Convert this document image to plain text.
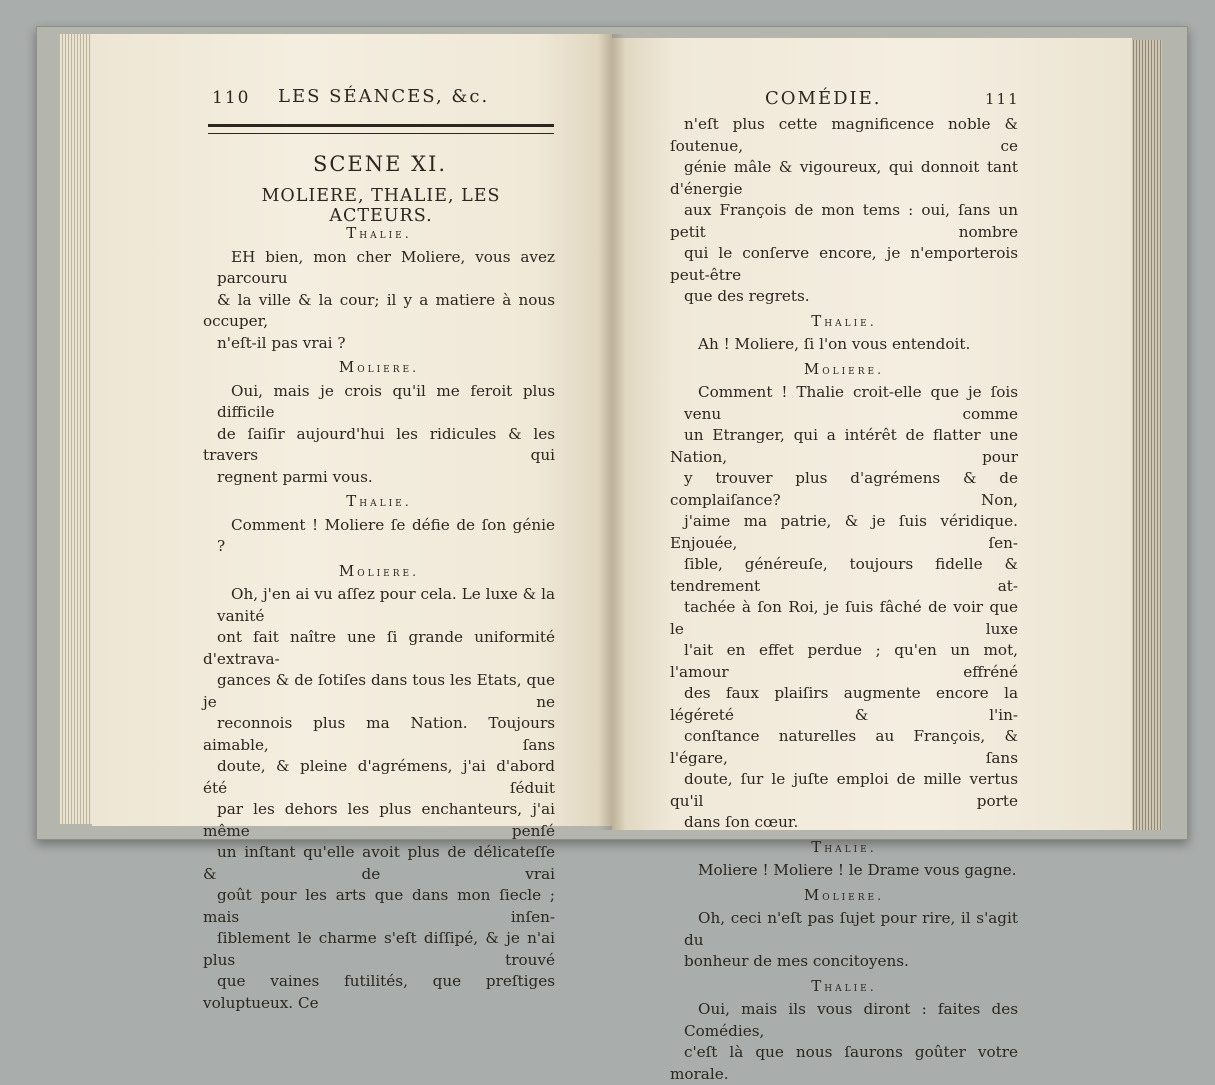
110 LES SÉANCES, &c.
SCENE XI.
MOLIERE, THALIE, LES ACTEURS.
COMÉDIE.	111
Thalie.
EH bien, mon cher Moliere, vous avez parcouru
& la ville & la cour; il y a matiere à nous occuper,
n'eſt-il pas vrai ?
Moliere.
Oui, mais je crois qu'il me feroit plus difficile
de ſaiſir aujourd'hui les ridicules & les travers qui
regnent parmi vous.
Thalie.
Comment ! Moliere ſe défie de ſon génie ?
Moliere.
Oh, j'en ai vu aſſez pour cela. Le luxe & la vanité
ont fait naître une ſi grande uniformité d'extrava-
gances & de ſotiſes dans tous les Etats, que je ne
reconnois plus ma Nation. Toujours aimable, ſans
doute, & pleine d'agrémens, j'ai d'abord été ſéduit
par les dehors les plus enchanteurs, j'ai même penſé
un inſtant qu'elle avoit plus de délicateſſe & de vrai
goût pour les arts que dans mon ſiecle ; mais inſen-
ſiblement le charme s'eſt diſſipé, & je n'ai plus trouvé
que vaines futilités, que preſtiges voluptueux. Ce
n'eſt plus cette magnificence noble & ſoutenue, ce
génie mâle & vigoureux, qui donnoit tant d'énergie
aux François de mon tems : oui, ſans un petit nombre
qui le conſerve encore, je n'emporterois peut-être
que des regrets.
Thalie.
Ah ! Moliere, ſi l'on vous entendoit.
Moliere.
Comment ! Thalie croit-elle que je ſois venu comme
un Etranger, qui a intérêt de flatter une Nation, pour
y trouver plus d'agrémens & de complaiſance? Non,
j'aime ma patrie, & je ſuis véridique. Enjouée, ſen-
ſible, généreuſe, toujours fidelle & tendrement at-
tachée à ſon Roi, je ſuis fâché de voir que le luxe
l'ait en effet perdue ; qu'en un mot, l'amour effréné
des faux plaiſirs augmente encore la légéreté & l'in-
conſtance naturelles au François, & l'égare, ſans
doute, ſur le juſte emploi de mille vertus qu'il porte
dans ſon cœur.
Thalie.
Moliere ! Moliere ! le Drame vous gagne.
Moliere.
Oh, ceci n'eſt pas ſujet pour rire, il s'agit du
bonheur de mes concitoyens.
Thalie.
Oui, mais ils vous diront : faites des Comédies,
c'eſt là que nous ſaurons goûter votre morale.
